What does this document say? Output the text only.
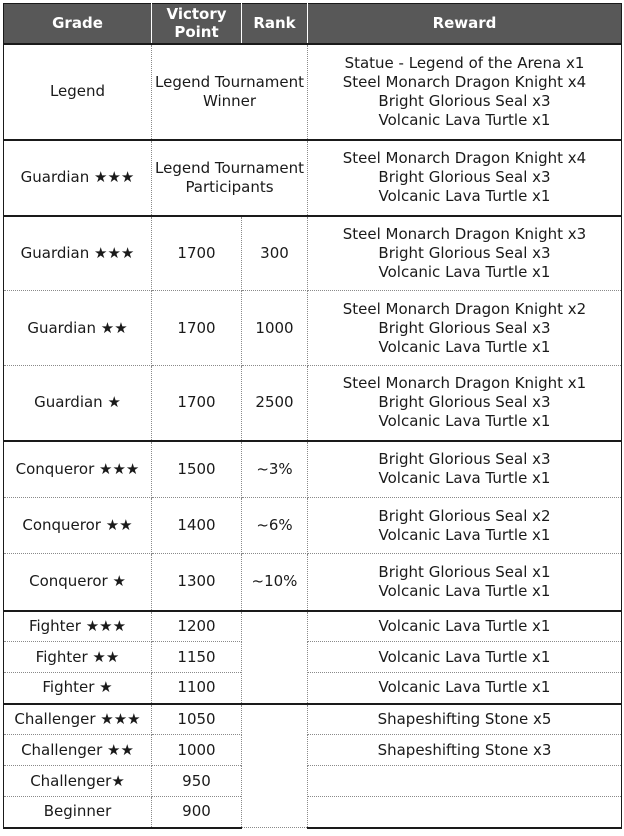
Grade	Victory Point	Rank	Reward
Legend	Legend Tournament Winner		Statue - Legend of the Arena x1
Steel Monarch Dragon Knight x4
Bright Glorious Seal x3
Volcanic Lava Turtle x1

Guardian ★★★	Legend Tournament Participants		Steel Monarch Dragon Knight x4
Bright Glorious Seal x3
Volcanic Lava Turtle x1

Guardian ★★★	1700	300	Steel Monarch Dragon Knight x3
Bright Glorious Seal x3
Volcanic Lava Turtle x1

Guardian ★★	1700	1000	Steel Monarch Dragon Knight x2
Bright Glorious Seal x3
Volcanic Lava Turtle x1

Guardian ★	1700	2500	Steel Monarch Dragon Knight x1
Bright Glorious Seal x3
Volcanic Lava Turtle x1

Conqueror ★★★	1500	~3%	Bright Glorious Seal x3
Volcanic Lava Turtle x1

Conqueror ★★	1400	~6%	Bright Glorious Seal x2
Volcanic Lava Turtle x1

Conqueror ★	1300	~10%	Bright Glorious Seal x1
Volcanic Lava Turtle x1

Fighter ★★★	1200		Volcanic Lava Turtle x1

Fighter ★★	1150		Volcanic Lava Turtle x1

Fighter ★	1100		Volcanic Lava Turtle x1

Challenger ★★★	1050		Shapeshifting Stone x5

Challenger ★★	1000		Shapeshifting Stone x3

Challenger★	950		

Beginner	900		
